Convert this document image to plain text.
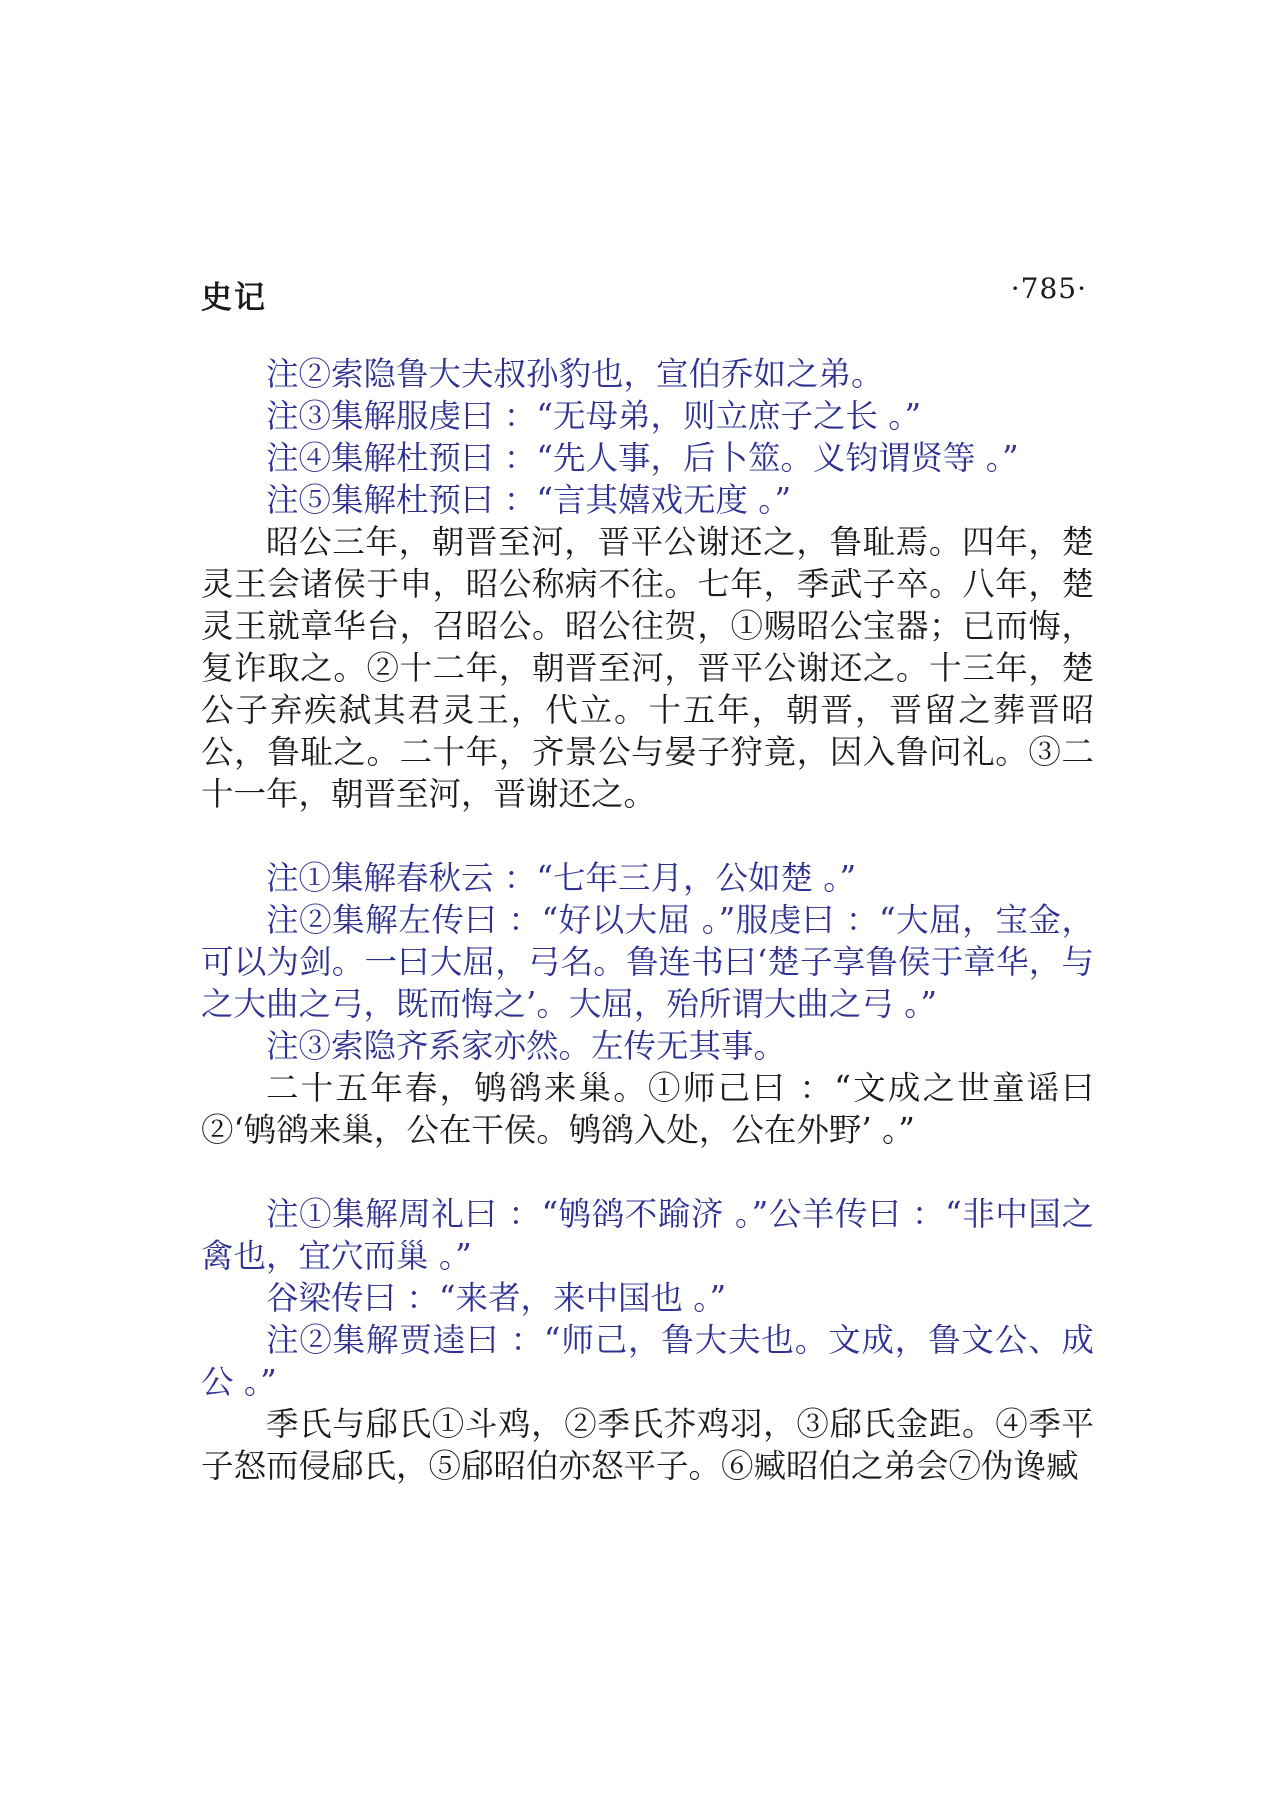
史记	·785·

注②索隐鲁大夫叔孙豹也，宣伯乔如之弟。

注③集解服虔曰 ：“无母弟，则立庶子之长 。”

注④集解杜预曰 ：“先人事，后卜筮。义钧谓贤等 。”

注⑤集解杜预曰 ：“言其嬉戏无度 。”

昭公三年，朝晋至河，晋平公谢还之，鲁耻焉。四年，楚灵王会诸侯于申，昭公称病不往。七年，季武子卒。八年，楚灵王就章华台，召昭公。昭公往贺，①赐昭公宝器；已而悔，复诈取之。②十二年，朝晋至河，晋平公谢还之。十三年，楚公子弃疾弑其君灵王，代立。十五年，朝晋，晋留之葬晋昭公，鲁耻之。二十年，齐景公与晏子狩竟，因入鲁问礼。③二十一年，朝晋至河，晋谢还之。

注①集解春秋云 ：“七年三月，公如楚 。”

注②集解左传曰 ：“好以大屈 。”服虔曰 ：“大屈，宝金，可以为剑。一曰大屈，弓名。鲁连书曰‘楚子享鲁侯于章华，与之大曲之弓，既而悔之’。大屈，殆所谓大曲之弓 。”

注③索隐齐系家亦然。左传无其事。

二十五年春，鸲鹆来巢。①师己曰 ：“文成之世童谣曰②‘鸲鹆来巢，公在干侯。鸲鹆入处，公在外野’ 。”

注①集解周礼曰 ：“鸲鹆不踰济 。”公羊传曰 ：“非中国之禽也，宜穴而巢 。”

谷梁传曰 ：“来者，来中国也 。”

注②集解贾逵曰 ：“师己，鲁大夫也。文成，鲁文公、成公 。”

季氏与郈氏①斗鸡，②季氏芥鸡羽，③郈氏金距。④季平子怒而侵郈氏，⑤郈昭伯亦怒平子。⑥臧昭伯之弟会⑦伪谗臧
